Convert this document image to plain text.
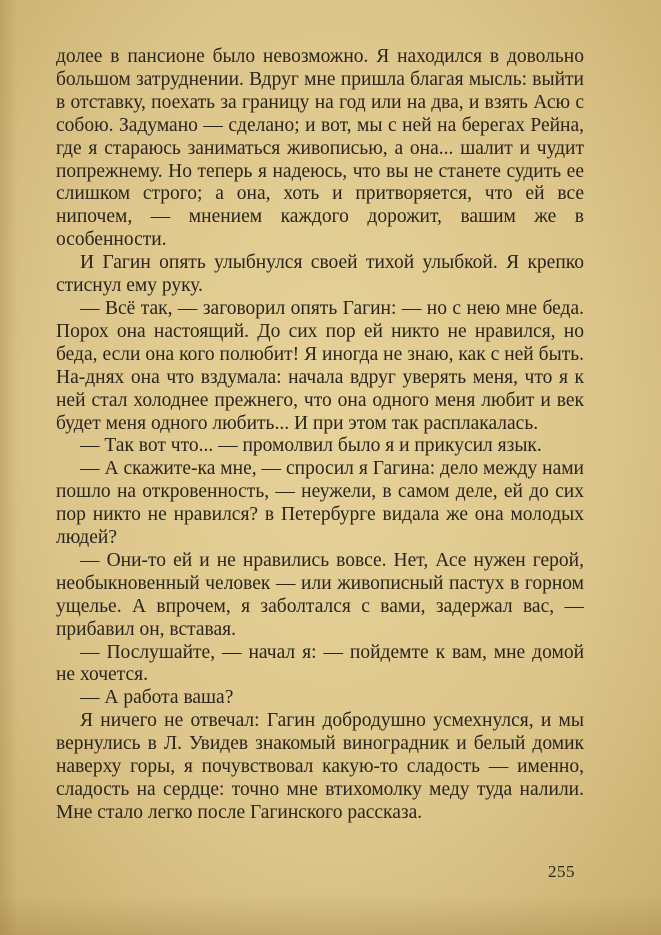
долее в пансионе было невозможно. Я находился в довольно большом затруднении. Вдруг мне пришла благая мысль: выйти в отставку, поехать за границу на год или на два, и взять Асю с собою. Задумано — сделано; и вот, мы с ней на берегах Рейна, где я стараюсь заниматься живописью, а она... шалит и чудит попрежнему. Но теперь я надеюсь, что вы не станете судить ее слишком строго; а она, хоть и притворяется, что ей все нипочем, — мнением каждого дорожит, вашим же в особенности.

И Гагин опять улыбнулся своей тихой улыбкой. Я крепко стиснул ему руку.

— Всё так, — заговорил опять Гагин: — но с нею мне беда. Порох она настоящий. До сих пор ей никто не нравился, но беда, если она кого полюбит! Я иногда не знаю, как с ней быть. На-днях она что вздумала: начала вдруг уверять меня, что я к ней стал холоднее прежнего, что она одного меня любит и век будет меня одного любить... И при этом так расплакалась.

— Так вот что... — промолвил было я и прикусил язык.

— А скажите-ка мне, — спросил я Гагина: дело между нами пошло на откровенность, — неужели, в самом деле, ей до сих пор никто не нравился? в Петербурге видала же она молодых людей?

— Они-то ей и не нравились вовсе. Нет, Асе нужен герой, необыкновенный человек — или живописный пастух в горном ущелье. А впрочем, я заболтался с вами, задержал вас, — прибавил он, вставая.

— Послушайте, — начал я: — пойдемте к вам, мне домой не хочется.

— А работа ваша?

Я ничего не отвечал: Гагин добродушно усмехнулся, и мы вернулись в Л. Увидев знакомый виноградник и белый домик наверху горы, я почувствовал какую-то сладость — именно, сладость на сердце: точно мне втихомолку меду туда налили. Мне стало легко после Гагинского рассказа.

255
